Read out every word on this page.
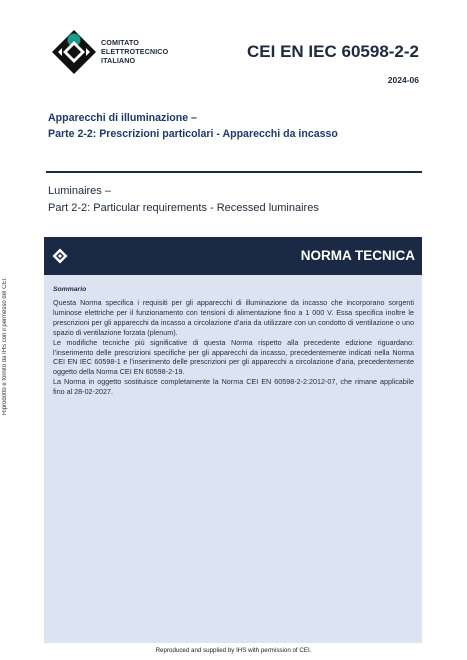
Riprodotto e fornito da IHS con il permesso del CEI.
COMITATO
ELETTROTECNICO
ITALIANO	CEI EN IEC 60598-2-2
2024-06
Apparecchi di illuminazione –
Parte 2-2: Prescrizioni particolari - Apparecchi da incasso
Luminaires –
Part 2-2: Particular requirements - Recessed luminaires
NORMA TECNICA
Sommario

Questa Norma specifica i requisiti per gli apparecchi di illuminazione da incasso che incorporano sorgenti luminose elettriche per il funzionamento con tensioni di alimentazione fino a 1 000 V. Essa specifica inoltre le prescrizioni per gli apparecchi da incasso a circolazione d’aria da utilizzare con un condotto di ventilazione o uno spazio di ventilazione forzata (plenum).

Le modifiche tecniche più significative di questa Norma rispetto alla precedente edizione riguardano: l’inserimento delle prescrizioni specifiche per gli apparecchi da incasso, precedentemente indicati nella Norma CEI EN IEC 60598-1 e l’inserimento delle prescrizioni per gli apparecchi a circolazione d’aria, precedentemente oggetto della Norma CEI EN 60598-2-19.

La Norma in oggetto sostituisce completamente la Norma CEI EN 60598-2-2:2012-07, che rimane applicabile fino al 28-02-2027.

Reproduced and supplied by IHS with permission of CEI.
